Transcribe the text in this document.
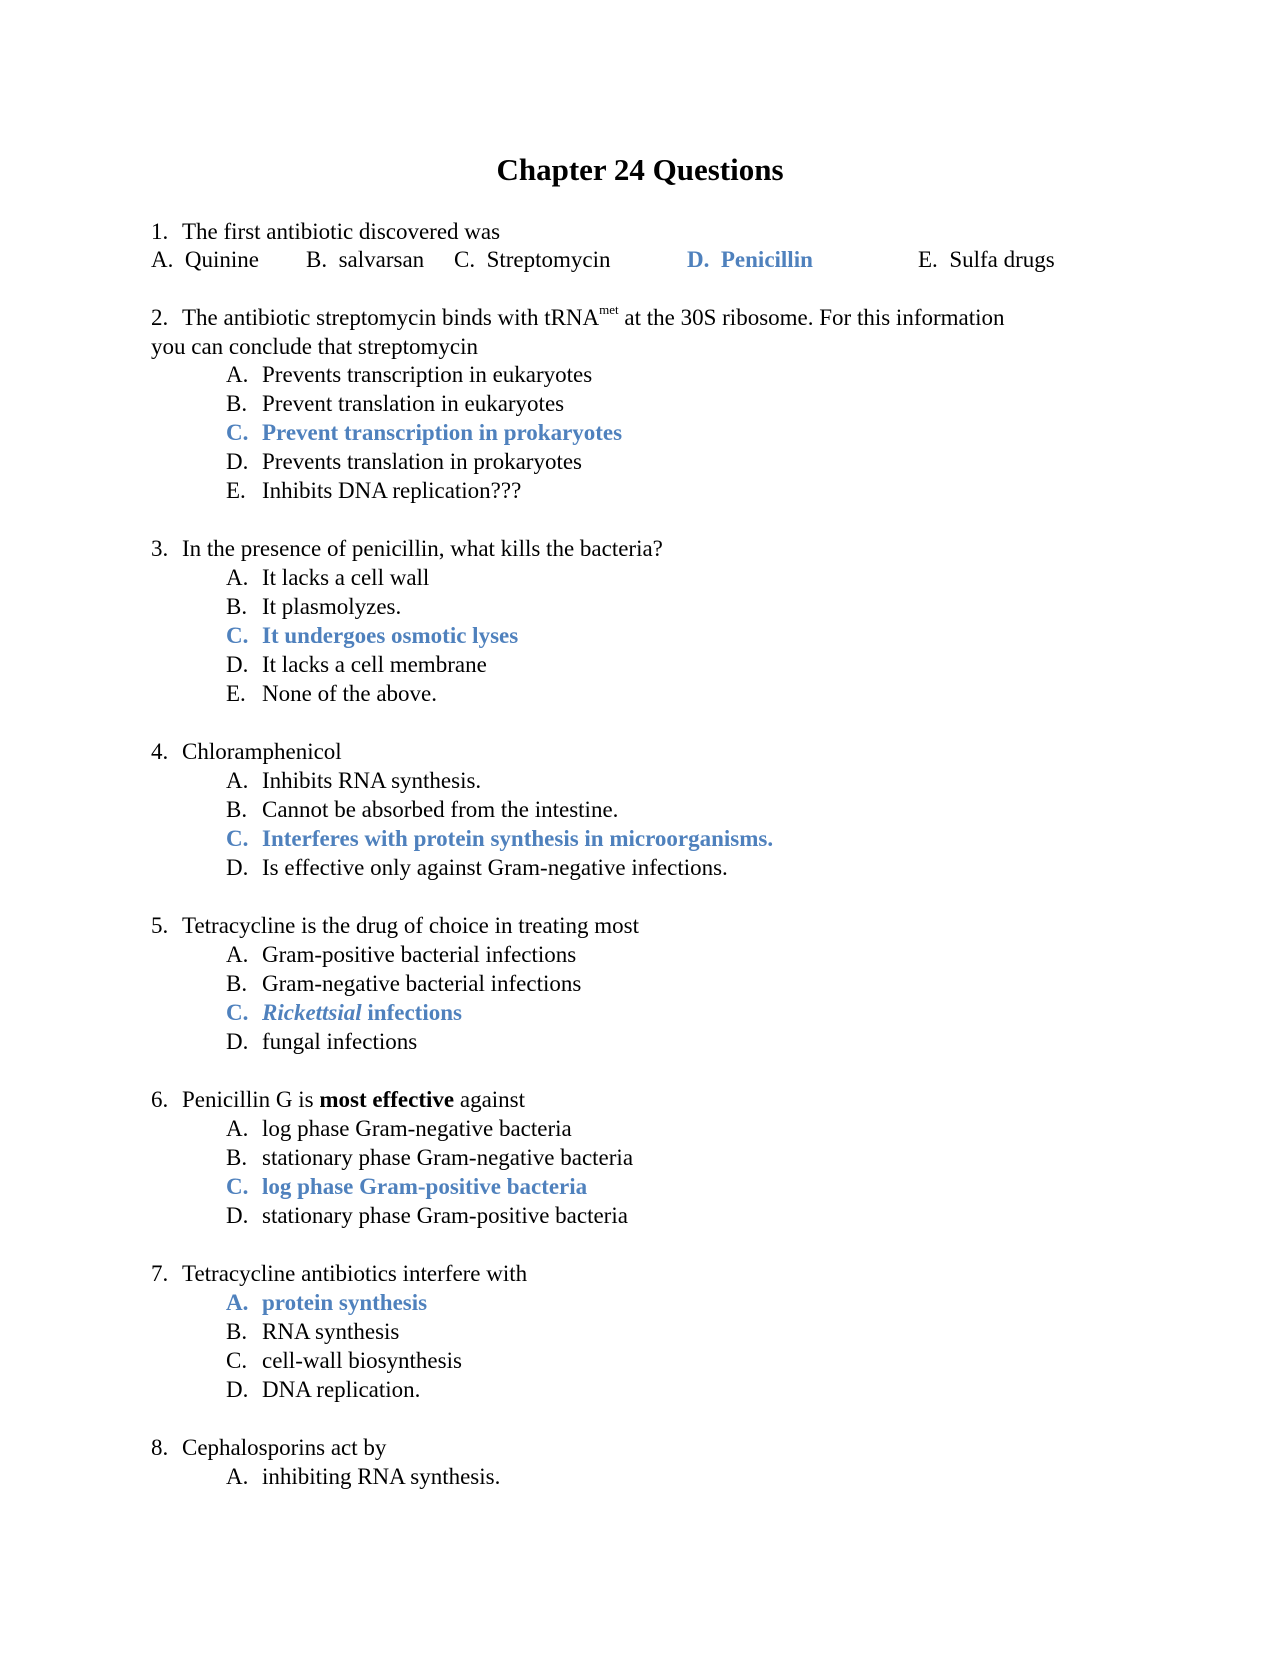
Chapter 24 Questions
1. The first antibiotic discovered was
A. Quinine B. salvarsan C. Streptomycin	D. Penicillin	E. Sulfa drugs
2. The antibiotic streptomycin binds with tRNA$^{met}$ at the 30S ribosome. For this information
you can conclude that streptomycin
A. Prevents transcription in eukaryotes
B. Prevent translation in eukaryotes
C. Prevent transcription in prokaryotes
D. Prevents translation in prokaryotes
E. Inhibits DNA replication???
3. In the presence of penicillin, what kills the bacteria?
A. It lacks a cell wall
B. It plasmolyzes.
C. It undergoes osmotic lyses
D. It lacks a cell membrane
E. None of the above.
4. Chloramphenicol
A. Inhibits RNA synthesis.
B. Cannot be absorbed from the intestine.
C. Interferes with protein synthesis in microorganisms.
D. Is effective only against Gram-negative infections.
5. Tetracycline is the drug of choice in treating most
A. Gram-positive bacterial infections
B. Gram-negative bacterial infections
C. Rickettsial infections
D. fungal infections
6. Penicillin G is most effective against
A. log phase Gram-negative bacteria
B. stationary phase Gram-negative bacteria
C. log phase Gram-positive bacteria
D. stationary phase Gram-positive bacteria
7. Tetracycline antibiotics interfere with
A. protein synthesis
B. RNA synthesis
C. cell-wall biosynthesis
D. DNA replication.
8. Cephalosporins act by
A. inhibiting RNA synthesis.
